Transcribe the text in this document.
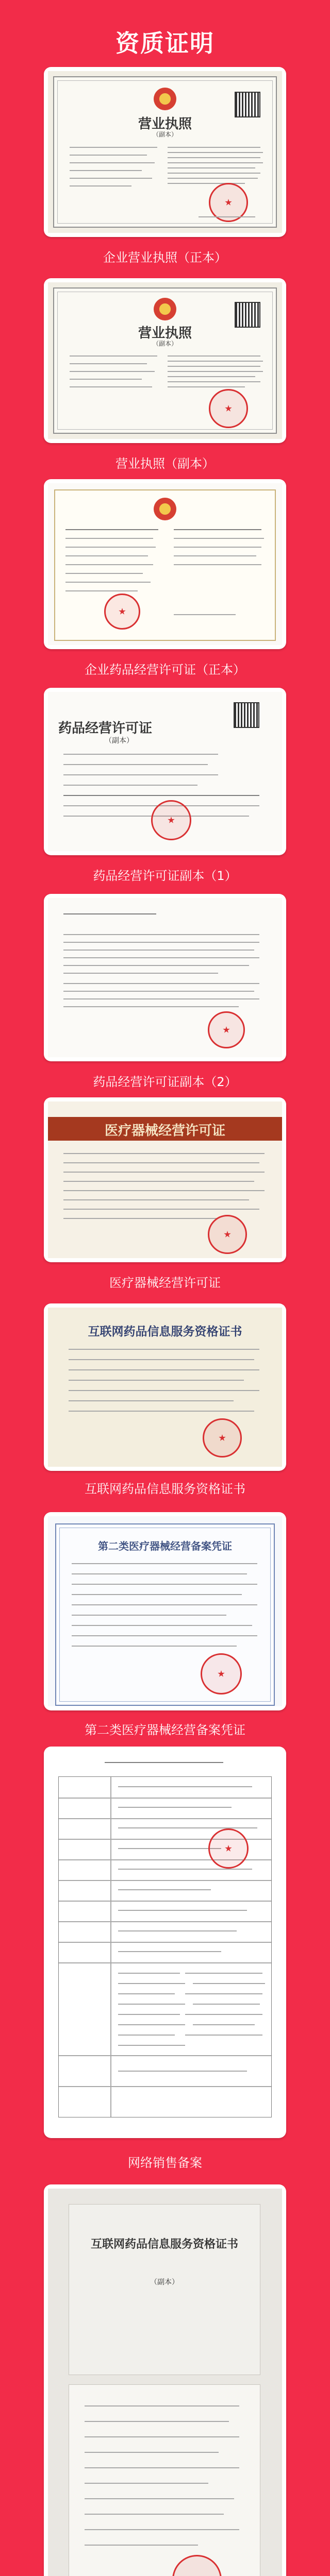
资质证明
营业执照
（副本）
企业营业执照（正本）
营业执照
（副本）
营业执照（副本）
企业药品经营许可证（正本）
药品经营许可证
（副本）
药品经营许可证副本（1）
药品经营许可证副本（2）
医疗器械经营许可证
医疗器械经营许可证
互联网药品信息服务资格证书
互联网药品信息服务资格证书
第二类医疗器械经营备案凭证
第二类医疗器械经营备案凭证
网络销售备案
互联网药品信息服务资格证书
（副本）
